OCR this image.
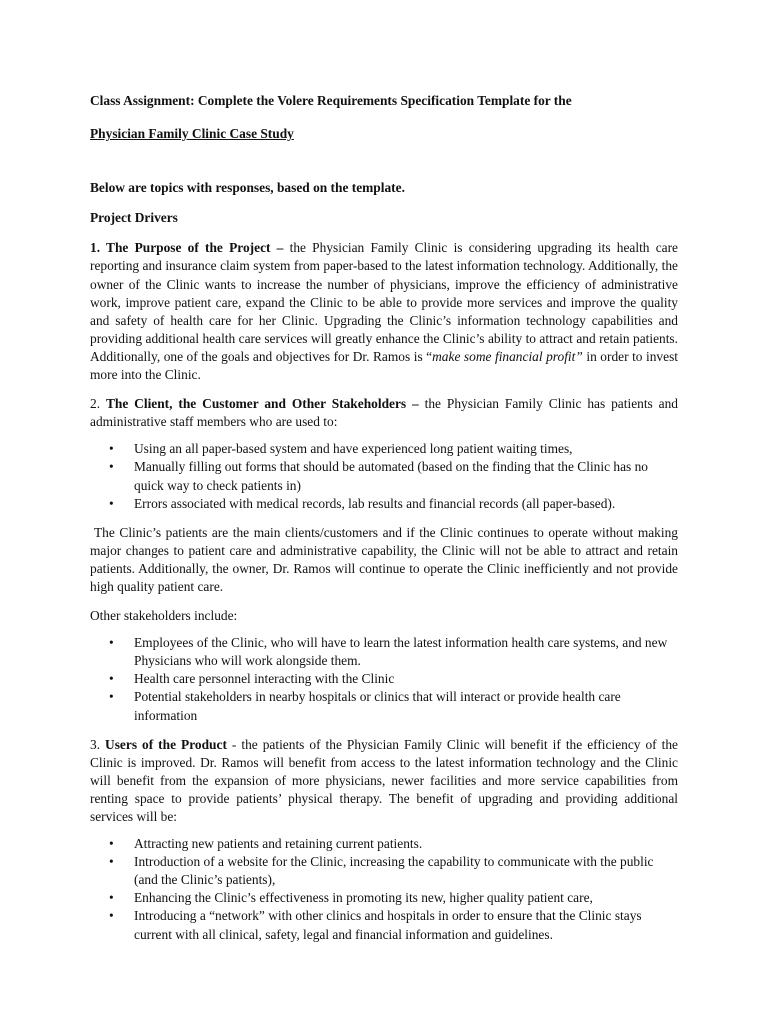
Class Assignment: Complete the Volere Requirements Specification Template for the

Physician Family Clinic Case Study

Below are topics with responses, based on the template.

Project Drivers

1. The Purpose of the Project – the Physician Family Clinic is considering upgrading its health care reporting and insurance claim system from paper-based to the latest information technology. Additionally, the owner of the Clinic wants to increase the number of physicians, improve the efficiency of administrative work, improve patient care, expand the Clinic to be able to provide more services and improve the quality and safety of health care for her Clinic. Upgrading the Clinic’s information technology capabilities and providing additional health care services will greatly enhance the Clinic’s ability to attract and retain patients. Additionally, one of the goals and objectives for Dr. Ramos is “make some financial profit” in order to invest more into the Clinic.

2. The Client, the Customer and Other Stakeholders – the Physician Family Clinic has patients and administrative staff members who are used to:

• Using an all paper-based system and have experienced long patient waiting times,
• Manually filling out forms that should be automated (based on the finding that the Clinic has no quick way to check patients in)
• Errors associated with medical records, lab results and financial records (all paper-based).

The Clinic’s patients are the main clients/customers and if the Clinic continues to operate without making major changes to patient care and administrative capability, the Clinic will not be able to attract and retain patients. Additionally, the owner, Dr. Ramos will continue to operate the Clinic inefficiently and not provide high quality patient care.

Other stakeholders include:

• Employees of the Clinic, who will have to learn the latest information health care systems, and new Physicians who will work alongside them.
• Health care personnel interacting with the Clinic
• Potential stakeholders in nearby hospitals or clinics that will interact or provide health care information

3. Users of the Product - the patients of the Physician Family Clinic will benefit if the efficiency of the Clinic is improved. Dr. Ramos will benefit from access to the latest information technology and the Clinic will benefit from the expansion of more physicians, newer facilities and more service capabilities from renting space to provide patients’ physical therapy. The benefit of upgrading and providing additional services will be:

• Attracting new patients and retaining current patients.
• Introduction of a website for the Clinic, increasing the capability to communicate with the public (and the Clinic’s patients),
• Enhancing the Clinic’s effectiveness in promoting its new, higher quality patient care,
• Introducing a “network” with other clinics and hospitals in order to ensure that the Clinic stays current with all clinical, safety, legal and financial information and guidelines.
